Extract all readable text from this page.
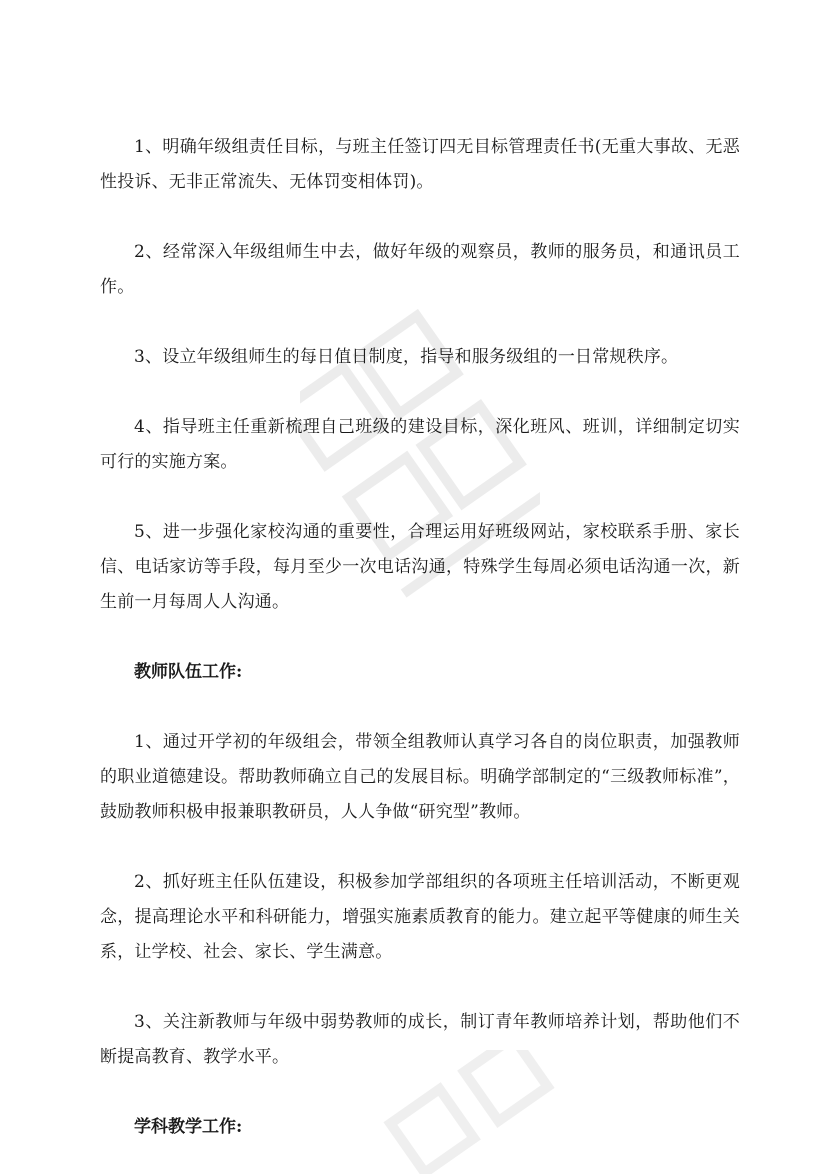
1、明确年级组责任目标，与班主任签订四无目标管理责任书(无重大事故、无恶性投诉、无非正常流失、无体罚变相体罚)。

2、经常深入年级组师生中去，做好年级的观察员，教师的服务员，和通讯员工作。

3、设立年级组师生的每日值日制度，指导和服务级组的一日常规秩序。

4、指导班主任重新梳理自己班级的建设目标，深化班风、班训，详细制定切实可行的实施方案。

5、进一步强化家校沟通的重要性，合理运用好班级网站，家校联系手册、家长信、电话家访等手段，每月至少一次电话沟通，特殊学生每周必须电话沟通一次，新生前一月每周人人沟通。

教师队伍工作:

1、通过开学初的年级组会，带领全组教师认真学习各自的岗位职责，加强教师的职业道德建设。帮助教师确立自己的发展目标。明确学部制定的“三级教师标准”，鼓励教师积极申报兼职教研员，人人争做“研究型”教师。

2、抓好班主任队伍建设，积极参加学部组织的各项班主任培训活动，不断更观念，提高理论水平和科研能力，增强实施素质教育的能力。建立起平等健康的师生关系，让学校、社会、家长、学生满意。

3、关注新教师与年级中弱势教师的成长，制订青年教师培养计划，帮助他们不断提高教育、教学水平。

学科教学工作:
